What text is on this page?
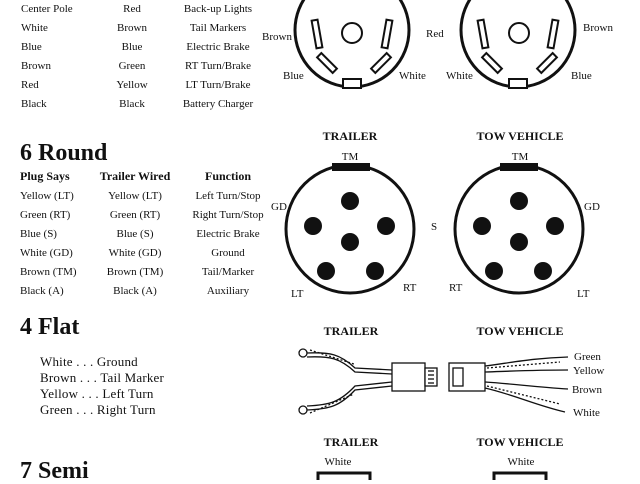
Center Pole	Red	Back-up Lights
White	Brown	Tail Markers
Blue	Blue	Electric Brake
Brown	Green	RT Turn/Brake
Red	Yellow	LT Turn/Brake
Black	Black	Battery Charger
Brown
Blue	White
Red
White
Brown
Blue
6 Round
Plug Says	Trailer Wired	Function
Yellow (LT)	Yellow (LT)	Left Turn/Stop
Green (RT)	Green (RT)	Right Turn/Stop
Blue (S)	Blue (S)	Electric Brake
White (GD)	White (GD)	Ground
Brown (TM)	Brown (TM)	Tail/Marker
Black (A)	Black (A)	Auxiliary
TRAILER	TOW VEHICLE
TM
GD
LT	RT
S
TM
GD
RT	LT
4 Flat
White . . . Ground
Brown . . . Tail Marker
Yellow . . . Left Turn
Green . . . Right Turn
TRAILER	TOW VEHICLE
Green
Yellow
Brown
White
7 Semi
TRAILER	TOW VEHICLE
White	White
